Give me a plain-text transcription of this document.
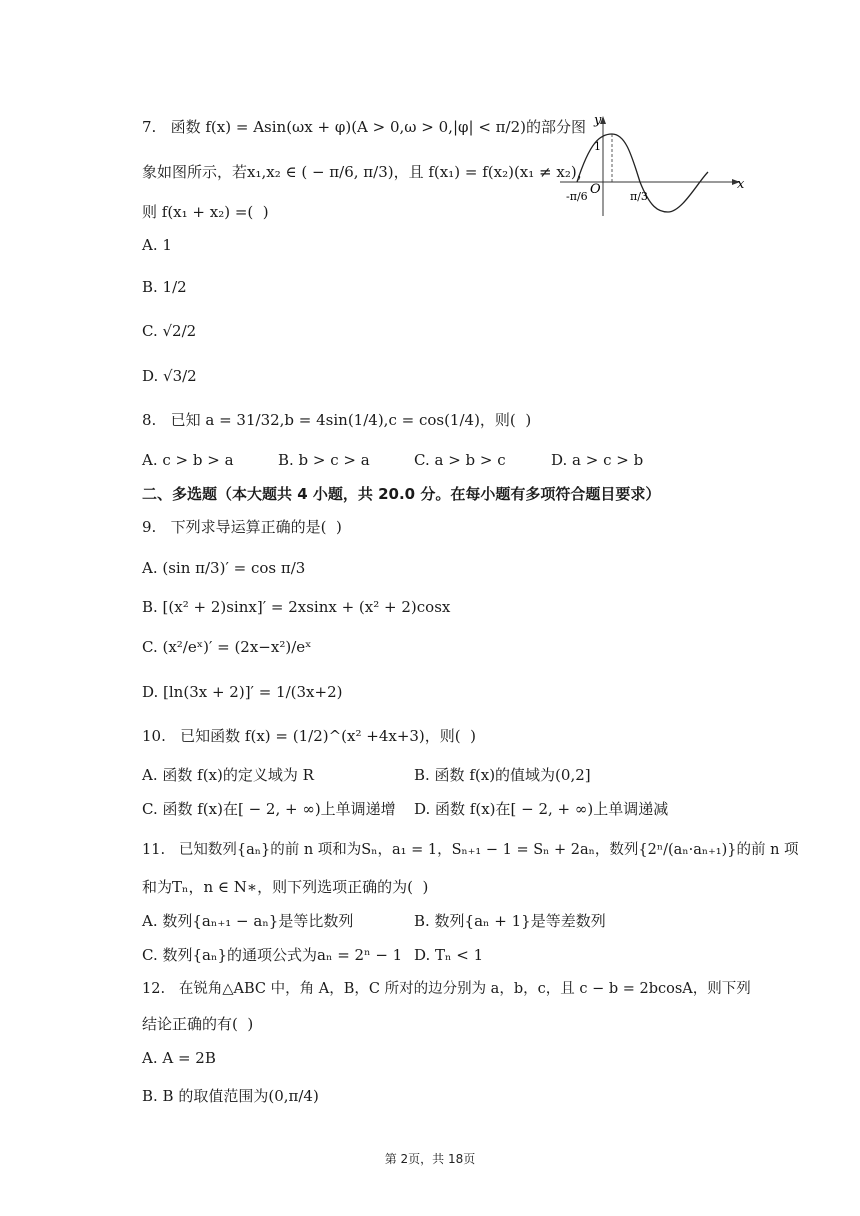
7.   函数 f(x) = Asin(ωx + φ)(A > 0,ω > 0,|φ| < π/2)的部分图
象如图所示，若x₁,x₂ ∈ ( − π/6, π/3)，且 f(x₁) = f(x₂)(x₁ ≠ x₂)，
则 f(x₁ + x₂) =(  )
y
x
O
1
-π/6	π/3
A. 1
B. 1/2
C. √2/2
D. √3/2
8.   已知 a = 31/32,b = 4sin(1/4),c = cos(1/4)，则(  )
A. c > b > a	B. b > c > a	C. a > b > c	D. a > c > b
二、多选题（本大题共 4 小题，共 20.0 分。在每小题有多项符合题目要求）
9.   下列求导运算正确的是(  )
A. (sin π/3)′ = cos π/3
B. [(x² + 2)sinx]′ = 2xsinx + (x² + 2)cosx
C. (x²/eˣ)′ = (2x−x²)/eˣ
D. [ln(3x + 2)]′ = 1/(3x+2)
10.   已知函数 f(x) = (1/2)^(x² +4x+3)，则(  )
A. 函数 f(x)的定义域为 R	B. 函数 f(x)的值域为(0,2]
C. 函数 f(x)在[ − 2, + ∞)上单调递增 D. 函数 f(x)在[ − 2, + ∞)上单调递减
11.   已知数列{aₙ}的前 n 项和为Sₙ，a₁ = 1，Sₙ₊₁ − 1 = Sₙ + 2aₙ，数列{2ⁿ/(aₙ·aₙ₊₁)}的前 n 项
和为Tₙ，n ∈ N∗，则下列选项正确的为(  )
A. 数列{aₙ₊₁ − aₙ}是等比数列	B. 数列{aₙ + 1}是等差数列
C. 数列{aₙ}的通项公式为aₙ = 2ⁿ − 1 D. Tₙ < 1
12.   在锐角△ABC 中，角 A，B，C 所对的边分别为 a，b，c，且 c − b = 2bcosA，则下列
结论正确的有(  )
A. A = 2B
B. B 的取值范围为(0,π/4)
第 2页，共 18页
